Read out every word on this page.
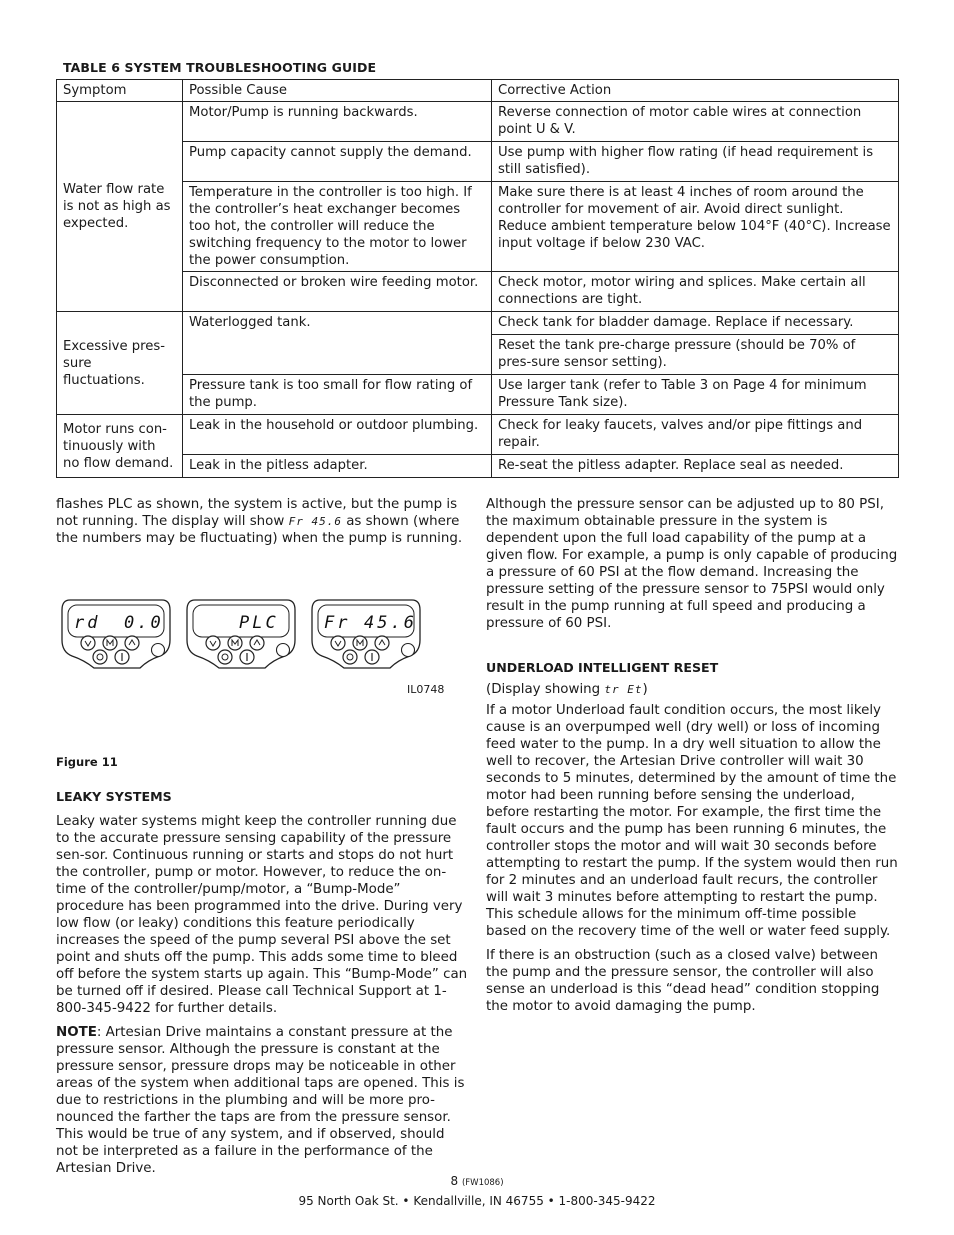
TABLE 6 SYSTEM TROUBLESHOOTING GUIDE
Symptom	Possible Cause	Corrective Action
Water flow rate is not as high as expected.	Motor/Pump is running backwards.	Reverse connection of motor cable wires at connection point U & V.
	Pump capacity cannot supply the demand.	Use pump with higher flow rating (if head requirement is still satisfied).
	Temperature in the controller is too high. If the controller’s heat exchanger becomes too hot, the controller will reduce the switching frequency to the motor to lower the power consumption.	Make sure there is at least 4 inches of room around the controller for movement of air. Avoid direct sunlight. Reduce ambient temperature below 104°F (40°C). Increase input voltage if below 230 VAC.
	Disconnected or broken wire feeding motor.	Check motor, motor wiring and splices. Make certain all connections are tight.
Excessive pres-sure fluctuations.	Waterlogged tank.	Check tank for bladder damage. Replace if necessary.
		Reset the tank pre-charge pressure (should be 70% of pres-sure sensor setting).
	Pressure tank is too small for flow rating of the pump.	Use larger tank (refer to Table 3 on Page 4 for minimum Pressure Tank size).
Motor runs con-tinuously with no flow demand.	Leak in the household or outdoor plumbing.	Check for leaky faucets, valves and/or pipe fittings and repair.
	Leak in the pitless adapter.	Re-seat the pitless adapter. Replace seal as needed.

flashes PLC as shown, the system is active, but the pump is not running. The display will show Fr 45.6 as shown (where the numbers may be fluctuating) when the pump is running.

rd 0.0	PLC	Fr 45.6
IL0748
Figure 11
LEAKY SYSTEMS

Leaky water systems might keep the controller running due to the accurate pressure sensing capability of the pressure sen-sor. Continuous running or starts and stops do not hurt the controller, pump or motor. However, to reduce the on-time of the controller/pump/motor, a “Bump-Mode” procedure has been programmed into the drive. During very low flow (or leaky) conditions this feature periodically increases the speed of the pump several PSI above the set point and shuts off the pump. This adds some time to bleed off before the system starts up again. This “Bump-Mode” can be turned off if desired. Please call Technical Support at 1-800-345-9422 for further details.

NOTE: Artesian Drive maintains a constant pressure at the pressure sensor. Although the pressure is constant at the pressure sensor, pressure drops may be noticeable in other areas of the system when additional taps are opened. This is due to restrictions in the plumbing and will be more pro-nounced the farther the taps are from the pressure sensor. This would be true of any system, and if observed, should not be interpreted as a failure in the performance of the Artesian Drive.

Although the pressure sensor can be adjusted up to 80 PSI, the maximum obtainable pressure in the system is dependent upon the full load capability of the pump at a given flow. For example, a pump is only capable of producing a pressure of 60 PSI at the flow demand. Increasing the pressure setting of the pressure sensor to 75PSI would only result in the pump running at full speed and producing a pressure of 60 PSI.

UNDERLOAD INTELLIGENT RESET

(Display showing tr Et)

If a motor Underload fault condition occurs, the most likely cause is an overpumped well (dry well) or loss of incoming feed water to the pump. In a dry well situation to allow the well to recover, the Artesian Drive controller will wait 30 seconds to 5 minutes, determined by the amount of time the motor had been running before sensing the underload, before restarting the motor. For example, the first time the fault occurs and the pump has been running 6 minutes, the controller stops the motor and will wait 30 seconds before attempting to restart the pump. If the system would then run for 2 minutes and an underload fault recurs, the controller will wait 3 minutes before attempting to restart the pump. This schedule allows for the minimum off-time possible based on the recovery time of the well or water feed supply.

If there is an obstruction (such as a closed valve) between the pump and the pressure sensor, the controller will also sense an underload is this “dead head” condition stopping the motor to avoid damaging the pump.

8 (FW1086)
95 North Oak St. • Kendallville, IN 46755 • 1-800-345-9422
